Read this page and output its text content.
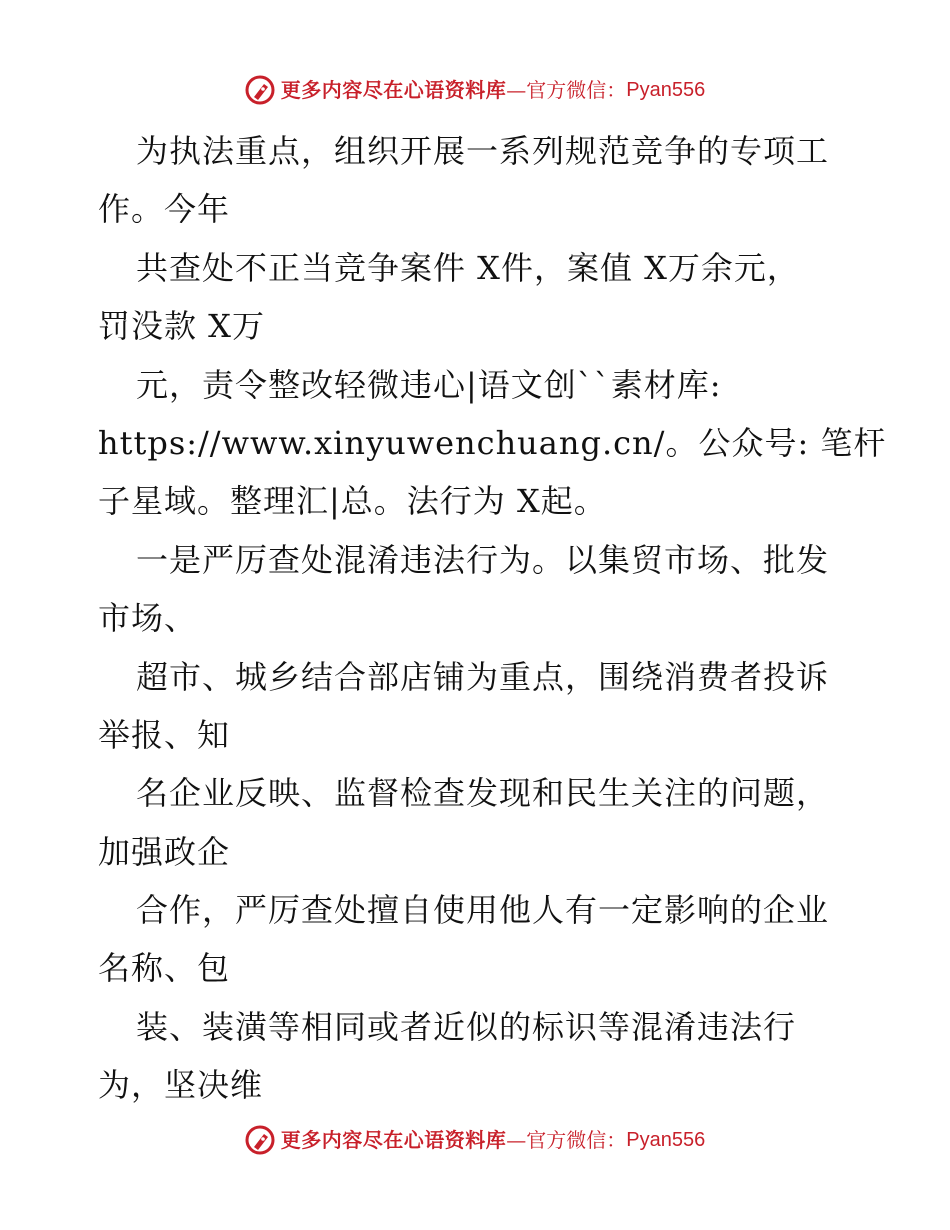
更多内容尽在心语资料库 — 官方微信 ： Pyan556
为执法重点，组织开展一系列规范竞争的专项工
作。今年
共查处不正当竞争案件 X件，案值 X万余元，
罚没款 X万
元，责令整改轻微违心|语文创``素材库:
https://www.xinyuwenchuang.cn/。公众号: 笔杆
子星域。整理汇|总。法行为 X起。
一是严厉查处混淆违法行为。以集贸市场、批发
市场、
超市、城乡结合部店铺为重点，围绕消费者投诉
举报、知
名企业反映、监督检查发现和民生关注的问题，
加强政企
合作，严厉查处擅自使用他人有一定影响的企业
名称、包
装、装潢等相同或者近似的标识等混淆违法行
为，坚决维
更多内容尽在心语资料库 — 官方微信 ： Pyan556
